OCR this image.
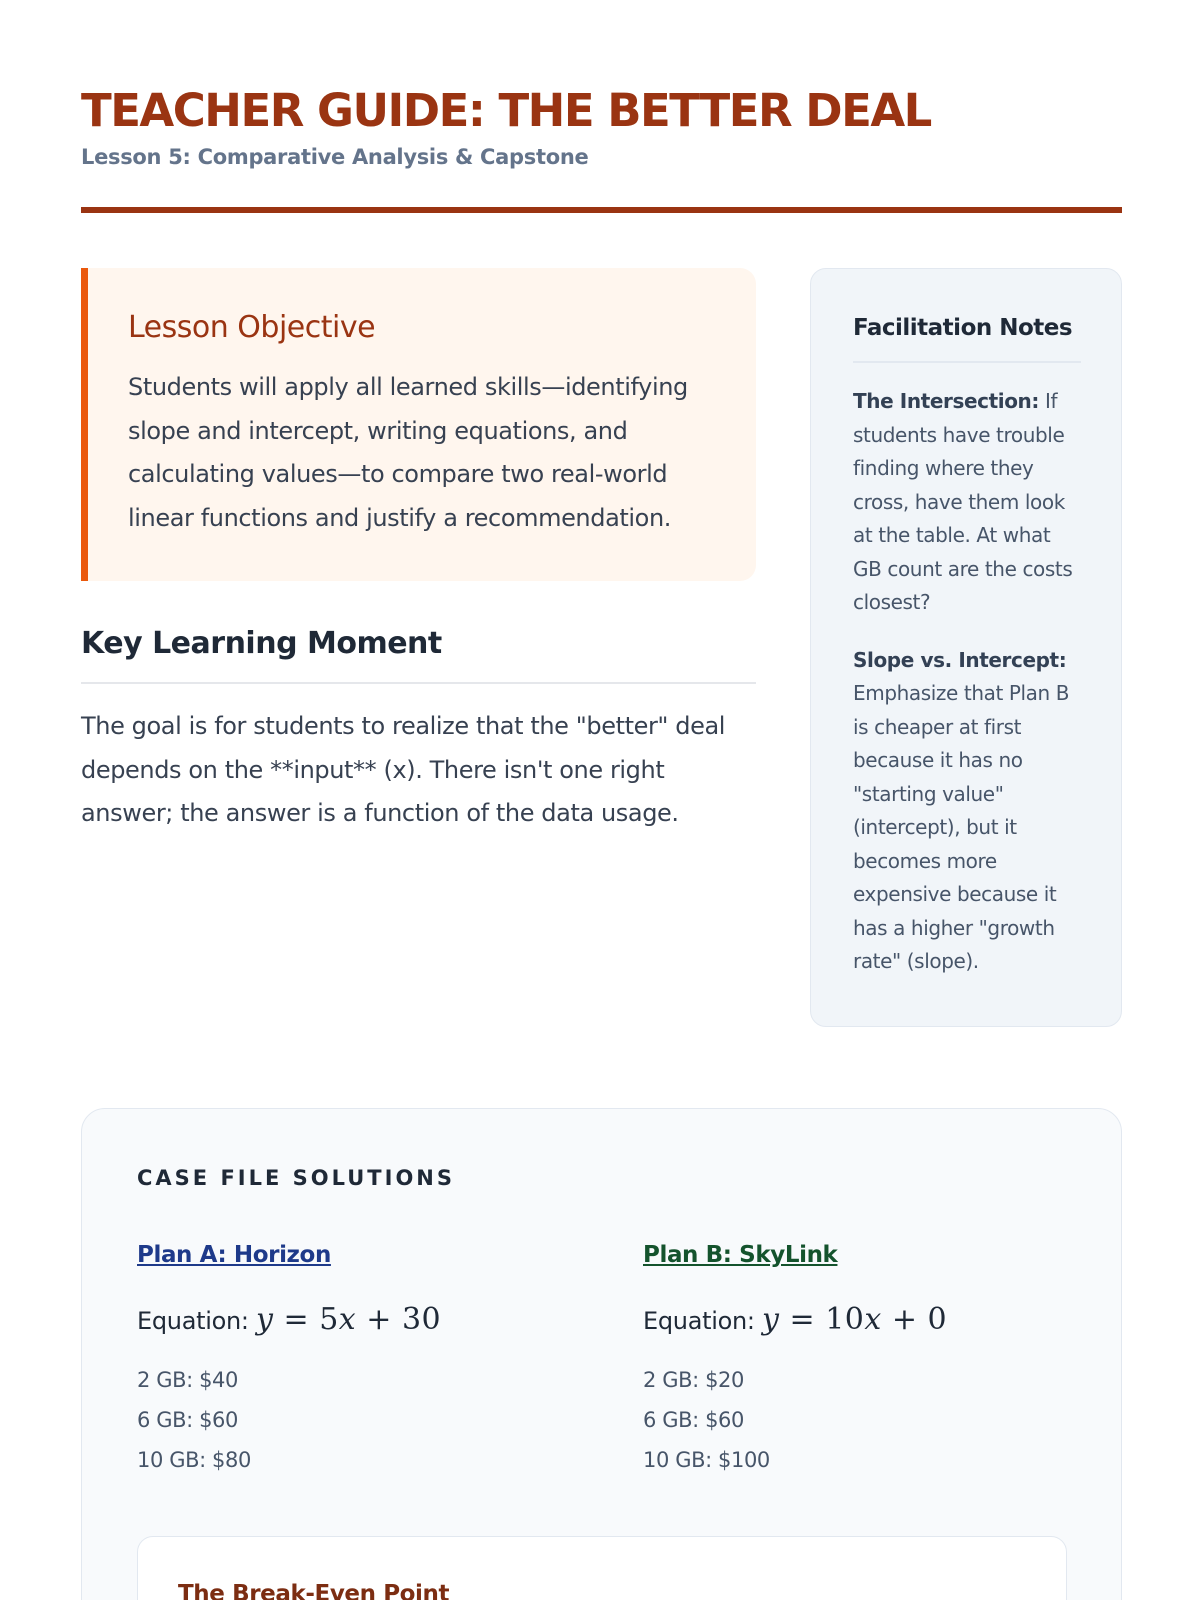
TEACHER GUIDE: THE BETTER DEAL
Lesson 5: Comparative Analysis & Capstone
Lesson Objective

Students will apply all learned skills—identifying slope and intercept, writing equations, and calculating values—to compare two real-world linear functions and justify a recommendation.

Key Learning Moment

The goal is for students to realize that the "better" deal depends on the **input** (x). There isn't one right answer; the answer is a function of the data usage.

Facilitation Notes

The Intersection: If students have trouble finding where they cross, have them look at the table. At what GB count are the costs closest?

Slope vs. Intercept: Emphasize that Plan B is cheaper at first because it has no "starting value" (intercept), but it becomes more expensive because it has a higher "growth rate" (slope).

CASE FILE SOLUTIONS
Plan A: Horizon
Equation: y = 5x + 30
2 GB: $40
6 GB: $60
10 GB: $80
Plan B: SkyLink
Equation: y = 10x + 0
2 GB: $20
6 GB: $60
10 GB: $100
The Break-Even Point
